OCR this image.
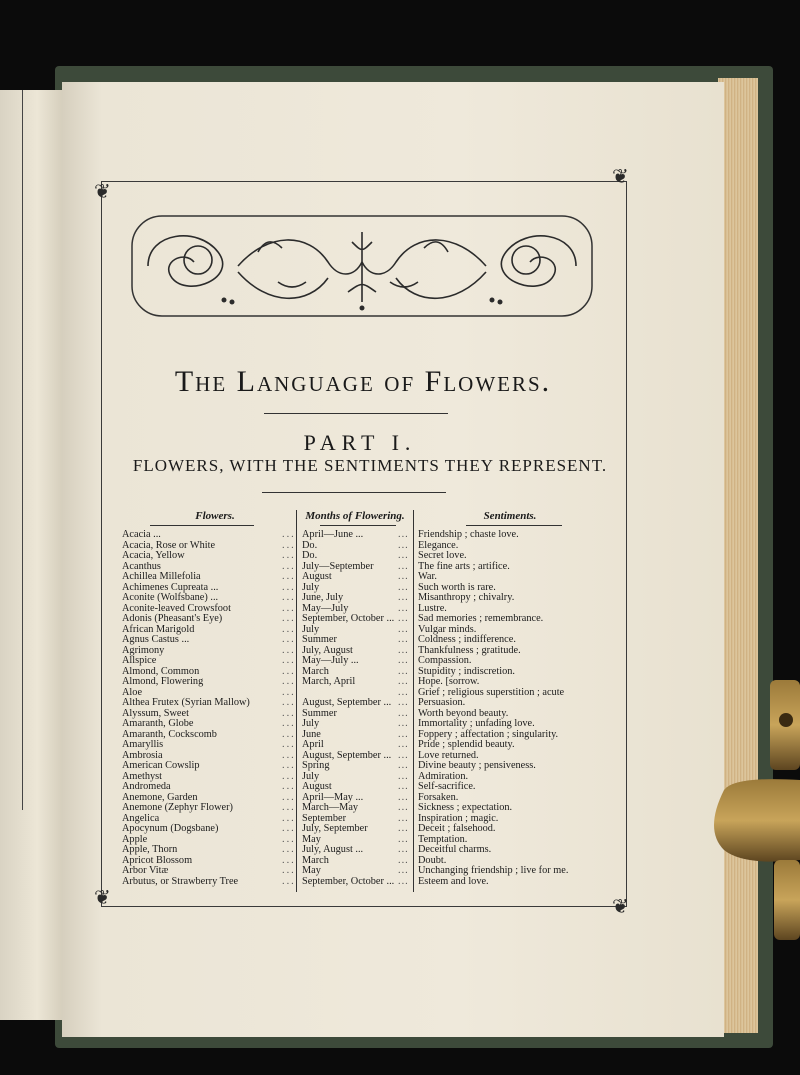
❦
❦
❦	❦
The Language of Flowers.
PART I.
FLOWERS, WITH THE SENTIMENTS THEY REPRESENT.
Flowers.	Months of Flowering.	Sentiments.
Acacia ...	... April—June ...	... Friendship ; chaste love.
Acacia, Rose or White	... Do.	... Elegance.
Acacia, Yellow	... Do.	... Secret love.
Acanthus	... July—September ... The fine arts ; artifice.
Achillea Millefolia	... August	... War.
Achimenes Cupreata ...	... July	... Such worth is rare.
Aconite (Wolfsbane) ...	... June, July	... Misanthropy ; chivalry.
Aconite-leaved Crowsfoot	... May—July	... Lustre.
Adonis (Pheasant's Eye)	... September, October ... ... Sad memories ; remembrance.
African Marigold	... July	... Vulgar minds.
Agnus Castus ...	... Summer	... Coldness ; indifference.
Agrimony	... July, August	... Thankfulness ; gratitude.
Allspice	... May—July ...	... Compassion.
Almond, Common	... March	... Stupidity ; indiscretion.
Almond, Flowering	... March, April	... Hope. [sorrow.
Aloe	...	... Grief ; religious superstition ; acute
Althea Frutex (Syrian Mallow)	... August, September ... ... Persuasion.
Alyssum, Sweet	... Summer	... Worth beyond beauty.
Amaranth, Globe	... July	... Immortality ; unfading love.
Amaranth, Cockscomb	... June	... Foppery ; affectation ; singularity.
Amaryllis	... April	... Pride ; splendid beauty.
Ambrosia	... August, September ... ... Love returned.
American Cowslip	... Spring	... Divine beauty ; pensiveness.
Amethyst	... July	... Admiration.
Andromeda	... August	... Self-sacrifice.
Anemone, Garden	... April—May ...	... Forsaken.
Anemone (Zephyr Flower)	... March—May	... Sickness ; expectation.
Angelica	... September	... Inspiration ; magic.
Apocynum (Dogsbane)	... July, September	... Deceit ; falsehood.
Apple	... May	... Temptation.
Apple, Thorn	... July, August ...	... Deceitful charms.
Apricot Blossom	... March	... Doubt.
Arbor Vitæ	... May	... Unchanging friendship ; live for me.
Arbutus, or Strawberry Tree	... September, October ... ... Esteem and love.
